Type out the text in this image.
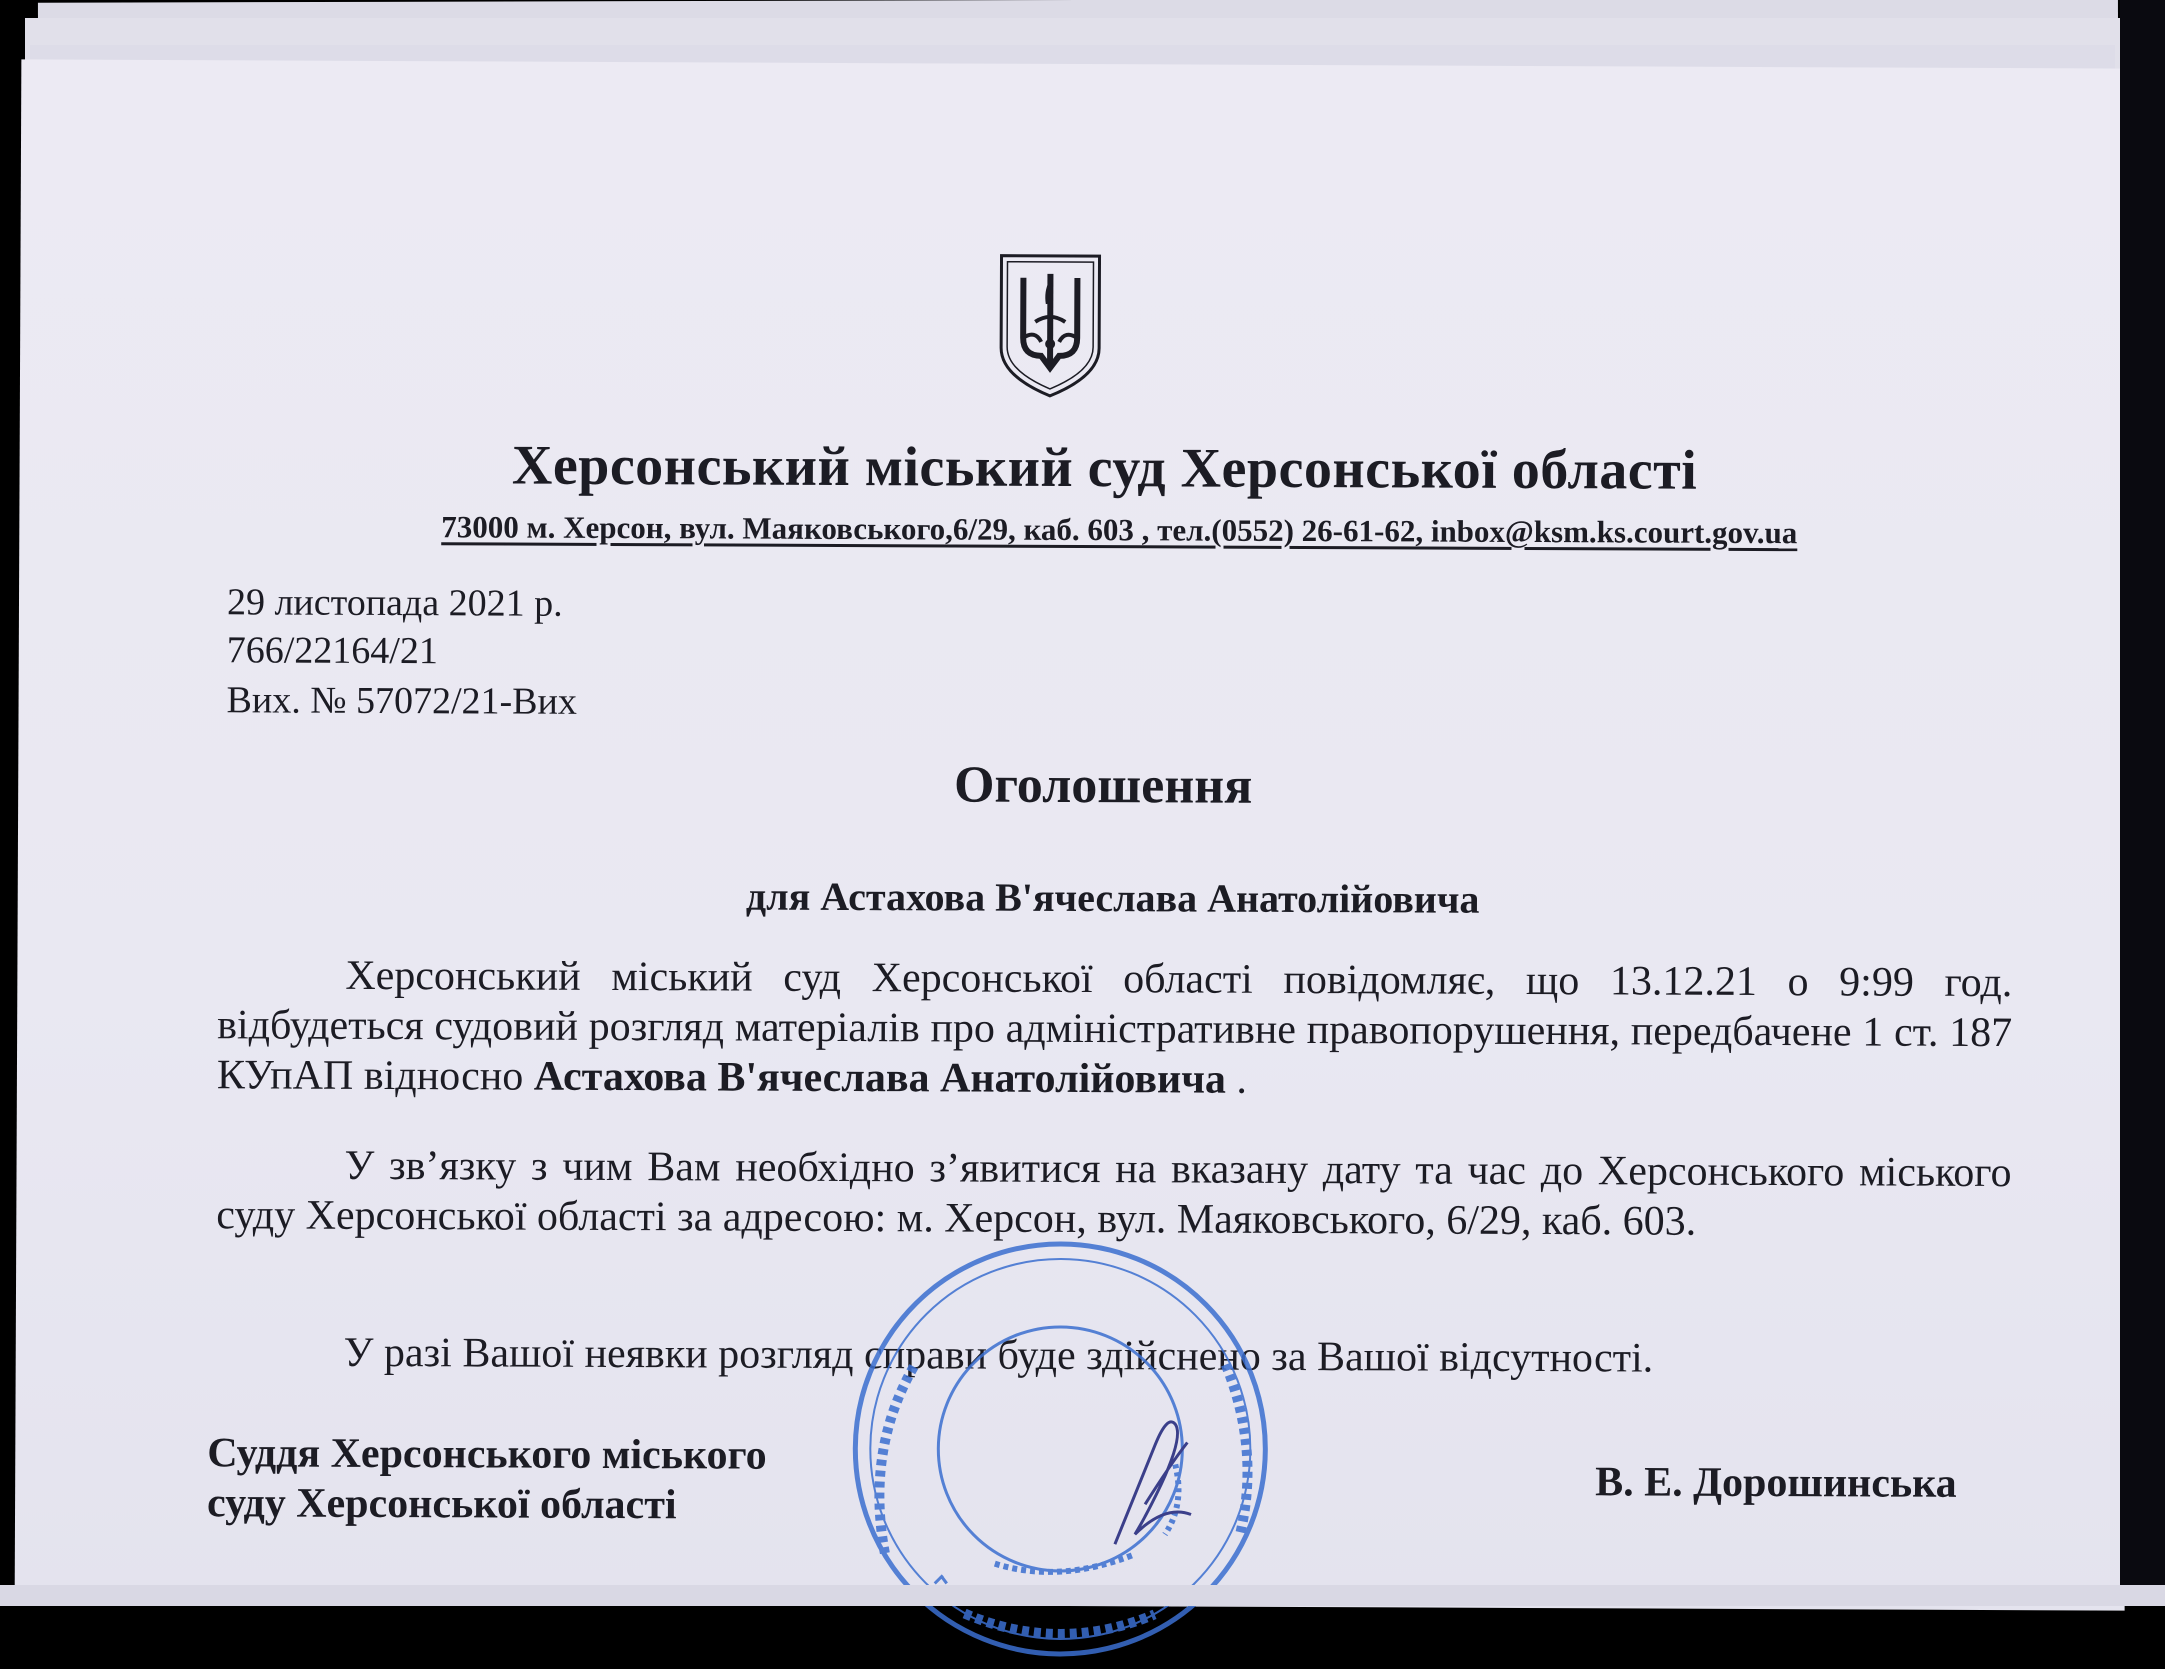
Херсонський міський суд Херсонської області
73000 м. Херсон, вул. Маяковського,6/29, каб. 603 , тел.(0552) 26-61-62, inbox@ksm.ks.court.gov.ua
29 листопада 2021 р.
766/22164/21
Вих. № 57072/21-Вих
Оголошення
для Астахова В'ячеслава Анатолійовича
Херсонський міський суд Херсонської області повідомляє, що 13.12.21 о 9:99 год. відбудеться судовий розгляд матеріалів про адміністративне правопорушення, передбачене 1 ст. 187 КУпАП відносно Астахова В'ячеслава Анатолійовича .
У зв’язку з чим Вам необхідно з’явитися на вказану дату та час до Херсонського міського суду Херсонської області за адресою: м. Херсон, вул. Маяковського, 6/29, каб. 603.
У разі Вашої неявки розгляд справи буде здійснено за Вашої відсутності.
Суддя Херсонського міського
суду Херсонської області	В. Е. Дорошинська
